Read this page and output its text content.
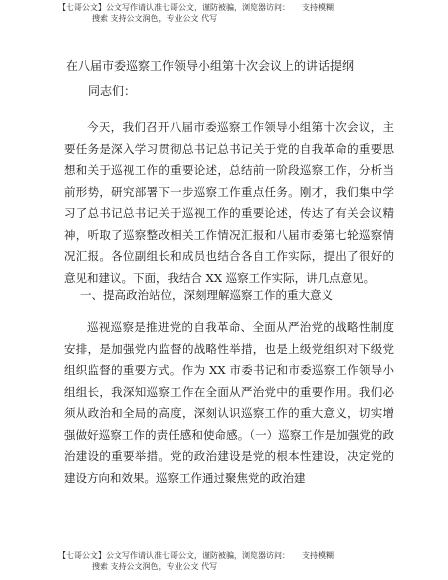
【七哥公文】公文写作请认准七哥公文，谨防被骗，浏览器访问：　　支持模糊
搜索 支持公文润色，专业公文 代写
在八届市委巡察工作领导小组第十次会议上的讲话提纲
同志们：
今天，我们召开八届市委巡察工作领导小组第十次会议，主要任务是深入学习贯彻总书记总书记关于党的自我革命的重要思想和关于巡视工作的重要论述，总结前一阶段巡察工作，分析当前形势，研究部署下一步巡察工作重点任务。刚才，我们集中学习了总书记总书记关于巡视工作的重要论述，传达了有关会议精神，听取了巡察整改相关工作情况汇报和八届市委第七轮巡察情况汇报。各位副组长和成员也结合各自工作实际，提出了很好的意见和建议。下面，我结合 XX 巡察工作实际，讲几点意见。
一、提高政治站位，深刻理解巡察工作的重大意义
巡视巡察是推进党的自我革命、全面从严治党的战略性制度安排，是加强党内监督的战略性举措，也是上级党组织对下级党组织监督的重要方式。作为 XX 市委书记和市委巡察工作领导小组组长，我深知巡察工作在全面从严治党中的重要作用。我们必须从政治和全局的高度，深刻认识巡察工作的重大意义，切实增强做好巡察工作的责任感和使命感。（一）巡察工作是加强党的政治建设的重要举措。党的政治建设是党的根本性建设，决定党的建设方向和效果。巡察工作通过聚焦党的政治建
【七哥公文】公文写作请认准七哥公文，谨防被骗，浏览器访问：　　支持模糊
搜索 支持公文润色，专业公文 代写
